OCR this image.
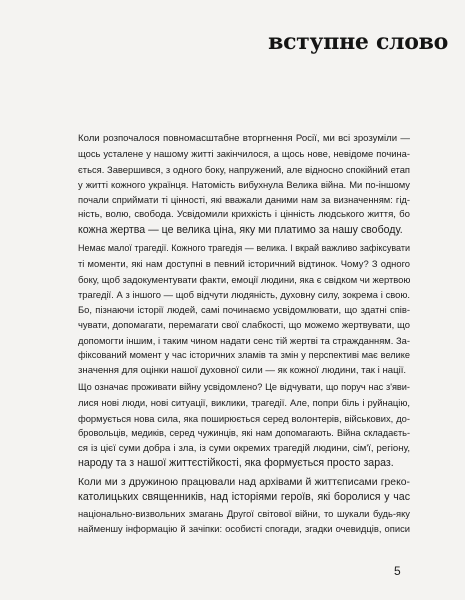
вступне слово
Коли розпочалося повномасштабне вторгнення Росії, ми всі зрозуміли —
щось усталене у нашому житті закінчилося, а щось нове, невідоме почина-
ється. Завершився, з одного боку, напружений, але відносно спокійний етап
у житті кожного українця. Натомість вибухнула Велика війна. Ми по-іншому
почали сприймати ті цінності, які вважали даними нам за визначенням: гід-
ність, волю, свобода. Усвідомили крихкість і цінність людського життя, бо
кожна жертва — це велика ціна, яку ми платимо за нашу свободу.
Немає малої трагедії. Кожного трагедія — велика. І вкрай важливо зафіксувати
ті моменти, які нам доступні в певний історичний відтинок. Чому? З одного
боку, щоб задокументувати факти, емоції людини, яка є свідком чи жертвою
трагедії. А з іншого — щоб відчути людяність, духовну силу, зокрема і свою.
Бо, пізнаючи історії людей, самі починаємо усвідомлювати, що здатні спів-
чувати, допомагати, перемагати свої слабкості, що можемо жертвувати, що
допомогти іншим, і таким чином надати сенс тій жертві та стражданням. За-
фіксований момент у час історичних зламів та змін у перспективі має велике
значення для оцінки нашої духовної сили — як кожної людини, так і нації.
Що означає проживати війну усвідомлено? Це відчувати, що поруч нас з'яви-
лися нові люди, нові ситуації, виклики, трагедії. Але, попри біль і руйнацію,
формується нова сила, яка поширюється серед волонтерів, військових, до-
бровольців, медиків, серед чужинців, які нам допомагають. Війна складаєть-
ся із цієї суми добра і зла, із суми окремих трагедій людини, сім'ї, регіону,
народу та з нашої життєстійкості, яка формується просто зараз.
Коли ми з дружиною працювали над архівами й життєписами греко-
католицьких священників, над історіями героїв, які боролися у час
національно-визвольних змагань Другої світової війни, то шукали будь-яку
найменшу інформацію й зачіпки: особисті спогади, згадки очевидців, описи
5
